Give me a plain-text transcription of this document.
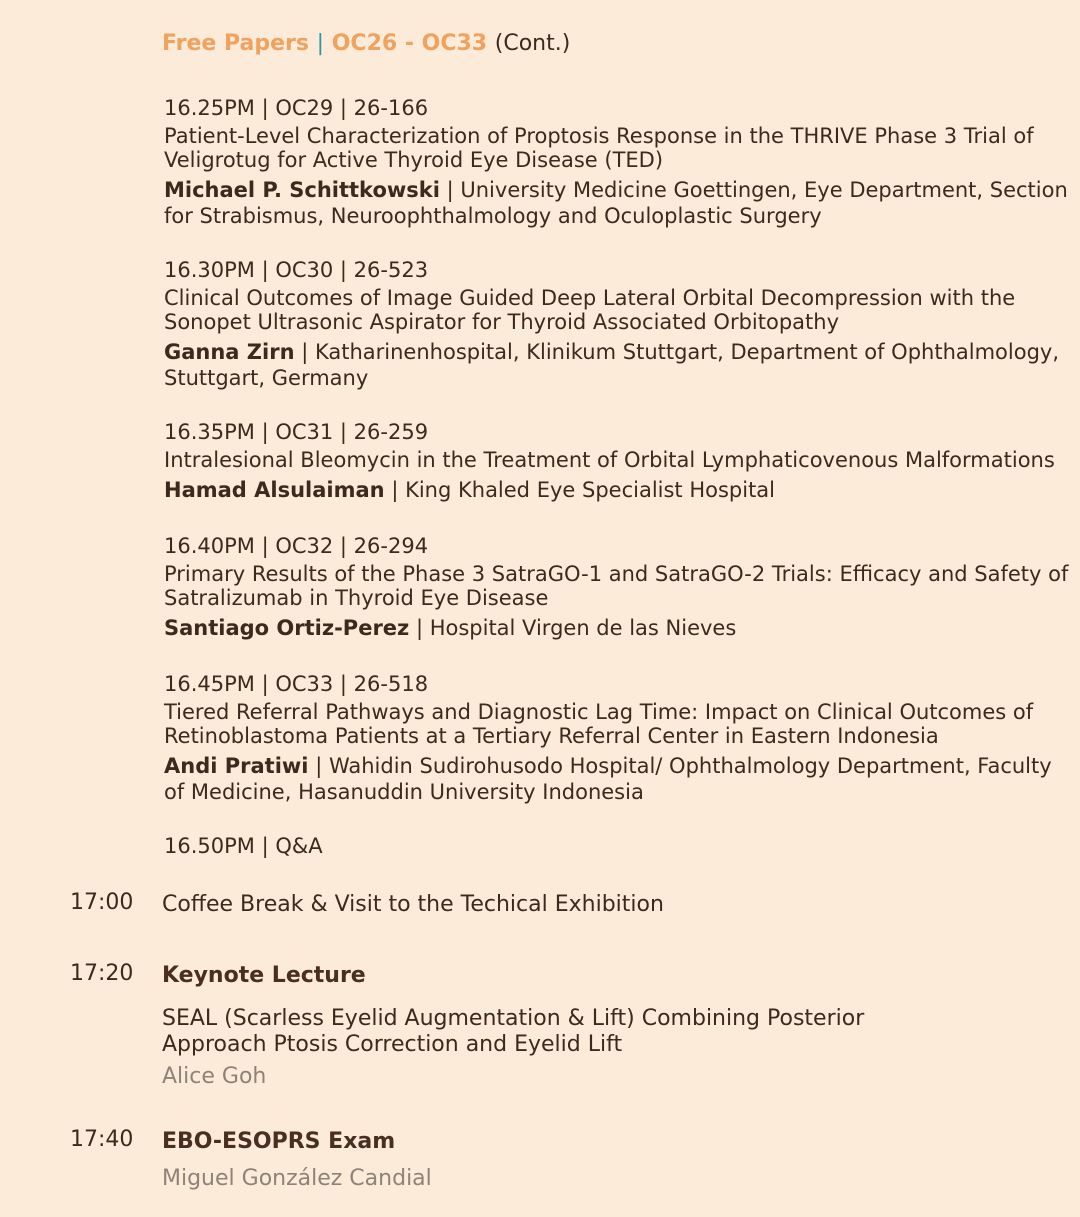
Free Papers | OC26 - OC33 (Cont.)
16.25PM | OC29 | 26-166
Patient-Level Characterization of Proptosis Response in the THRIVE Phase 3 Trial of Veligrotug for Active Thyroid Eye Disease (TED)
Michael P. Schittkowski | University Medicine Goettingen, Eye Department, Section for Strabismus, Neuroophthalmology and Oculoplastic Surgery
16.30PM | OC30 | 26-523
Clinical Outcomes of Image Guided Deep Lateral Orbital Decompression with the Sonopet Ultrasonic Aspirator for Thyroid Associated Orbitopathy
Ganna Zirn | Katharinenhospital, Klinikum Stuttgart, Department of Ophthalmology, Stuttgart, Germany
16.35PM | OC31 | 26-259
Intralesional Bleomycin in the Treatment of Orbital Lymphaticovenous Malformations
Hamad Alsulaiman | King Khaled Eye Specialist Hospital
16.40PM | OC32 | 26-294
Primary Results of the Phase 3 SatraGO-1 and SatraGO-2 Trials: Efficacy and Safety of Satralizumab in Thyroid Eye Disease
Santiago Ortiz-Perez | Hospital Virgen de las Nieves
16.45PM | OC33 | 26-518
Tiered Referral Pathways and Diagnostic Lag Time: Impact on Clinical Outcomes of Retinoblastoma Patients at a Tertiary Referral Center in Eastern Indonesia
Andi Pratiwi | Wahidin Sudirohusodo Hospital/ Ophthalmology Department, Faculty of Medicine, Hasanuddin University Indonesia
16.50PM | Q&A
17:00 Coffee Break & Visit to the Techical Exhibition
17:20 Keynote Lecture
SEAL (Scarless Eyelid Augmentation & Lift) Combining Posterior Approach Ptosis Correction and Eyelid Lift
Alice Goh
17:40 EBO-ESOPRS Exam
Miguel González Candial
